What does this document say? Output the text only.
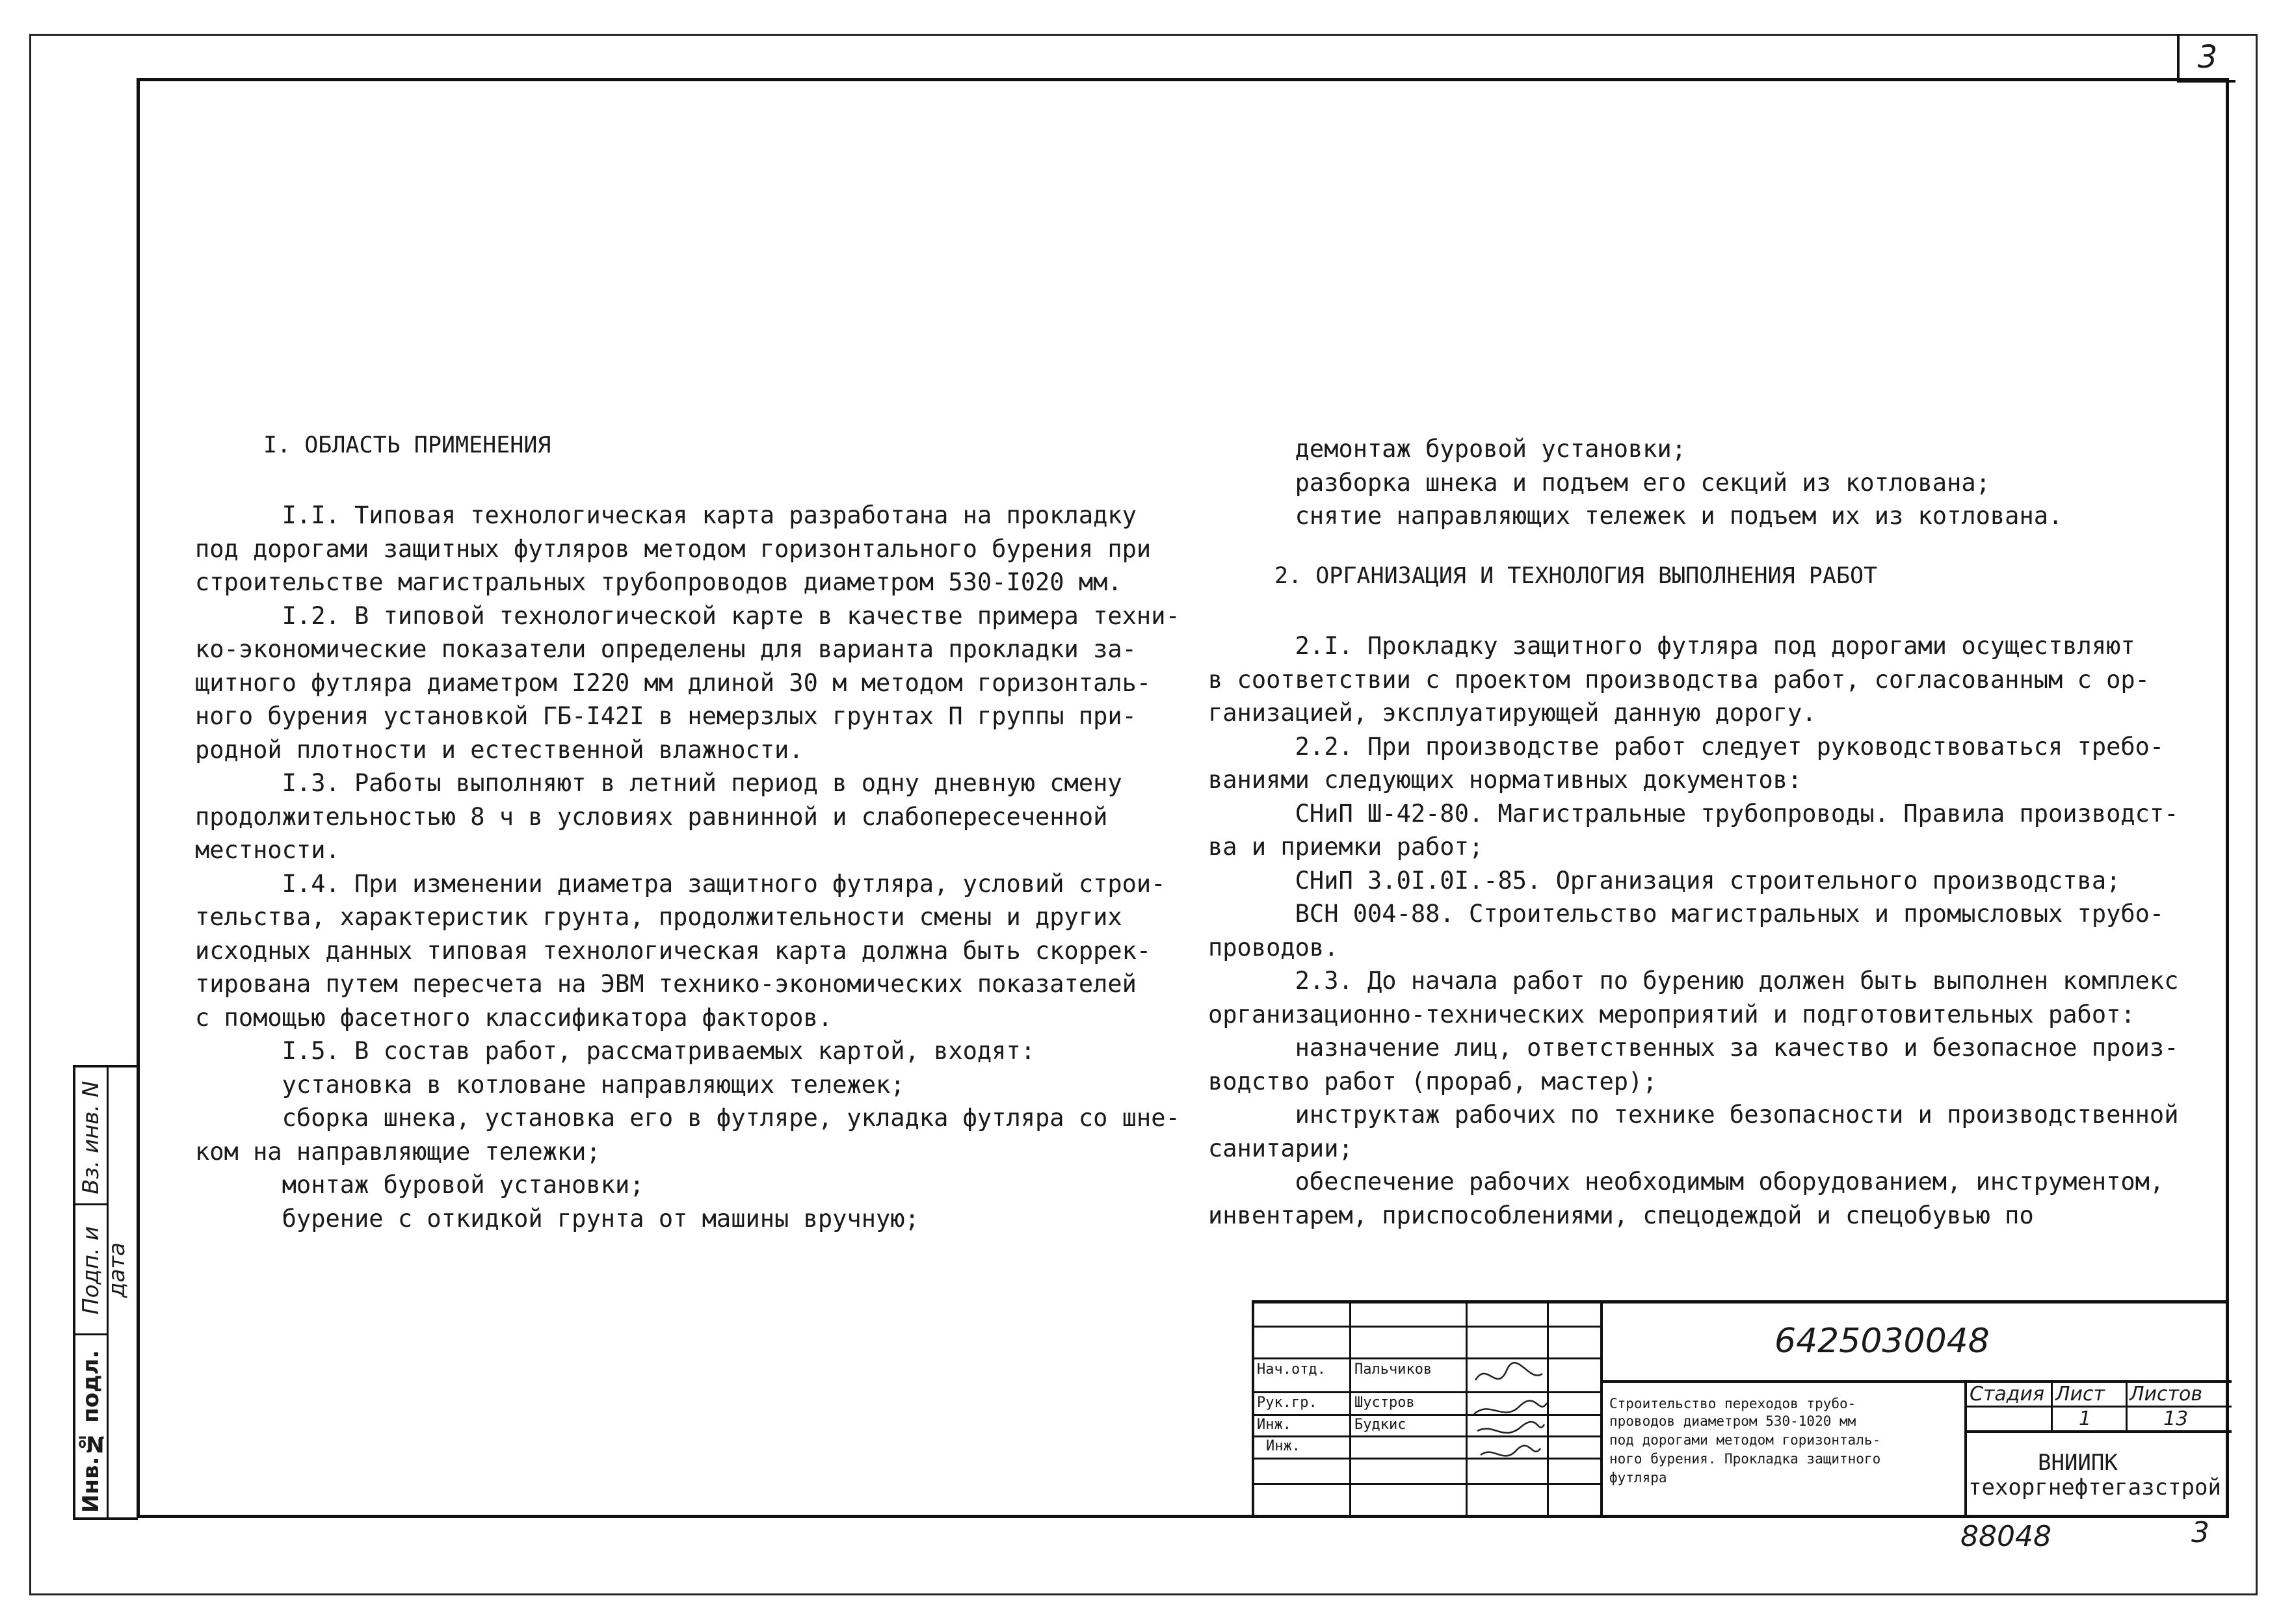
3
I. ОБЛАСТЬ ПРИМЕНЕНИЯ
I.I. Типовая технологическая карта разработана на прокладку
под дорогами защитных футляров методом горизонтального бурения при
строительстве магистральных трубопроводов диаметром 530-I020 мм.
I.2. В типовой технологической карте в качестве примера техни-
ко-экономические показатели определены для варианта прокладки за-
щитного футляра диаметром I220 мм длиной 30 м методом горизонталь-
ного бурения установкой ГБ-I42I в немерзлых грунтах П группы при-
родной плотности и естественной влажности.
I.3. Работы выполняют в летний период в одну дневную смену
продолжительностью 8 ч в условиях равнинной и слабопересеченной
местности.
I.4. При изменении диаметра защитного футляра, условий строи-
тельства, характеристик грунта, продолжительности смены и других
исходных данных типовая технологическая карта должна быть скоррек-
тирована путем пересчета на ЭВМ технико-экономических показателей
с помощью фасетного классификатора факторов.
I.5. В состав работ, рассматриваемых картой, входят:
установка в котловане направляющих тележек;
сборка шнека, установка его в футляре, укладка футляра со шне-
ком на направляющие тележки;
монтаж буровой установки;
бурение с откидкой грунта от машины вручную;
демонтаж буровой установки;
разборка шнека и подъем его секций из котлована;
снятие направляющих тележек и подъем их из котлована.
2. ОРГАНИЗАЦИЯ И ТЕХНОЛОГИЯ ВЫПОЛНЕНИЯ РАБОТ
2.I. Прокладку защитного футляра под дорогами осуществляют
в соответствии с проектом производства работ, согласованным с ор-
ганизацией, эксплуатирующей данную дорогу.
2.2. При производстве работ следует руководствоваться требо-
ваниями следующих нормативных документов:
СНиП Ш-42-80. Магистральные трубопроводы. Правила производст-
ва и приемки работ;
СНиП 3.0I.0I.-85. Организация строительного производства;
ВСН 004-88. Строительство магистральных и промысловых трубо-
проводов.
2.3. До начала работ по бурению должен быть выполнен комплекс
организационно-технических мероприятий и подготовительных работ:
назначение лиц, ответственных за качество и безопасное произ-
водство работ (прораб, мастер);
инструктаж рабочих по технике безопасности и производственной
санитарии;
обеспечение рабочих необходимым оборудованием, инструментом,
инвентарем, приспособлениями, спецодеждой и спецобувью по
Вз. инв. N
Подп. и дата
Инв.№ подл.	Нач.отд. Пальчиков
Рук.гр.	Шустров
Инж.	Будкис
Инж.
6425030048
Строительство переходов трубо-
проводов диаметром 530-1020 мм
под дорогами методом горизонталь-
ного бурения. Прокладка защитного
футляра
Стадия Лист Листов
1	13
ВНИИПК
техоргнефтегазстрой
88048	3
